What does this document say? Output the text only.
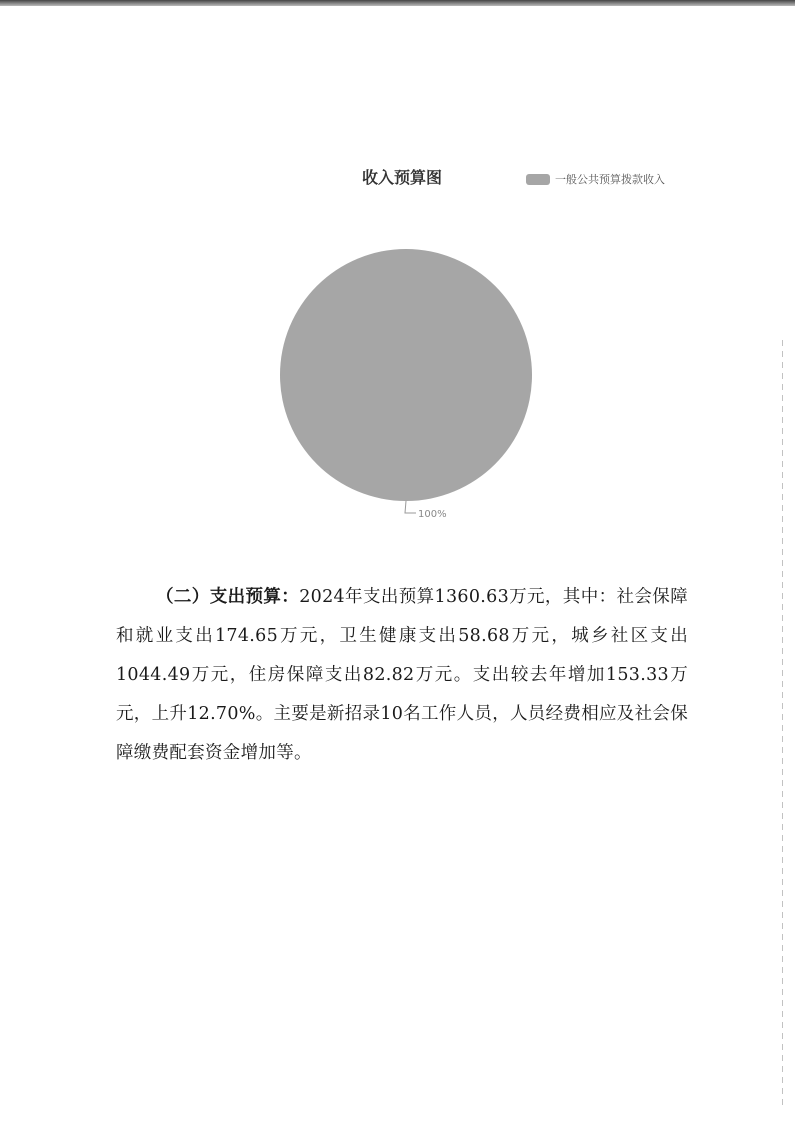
收入预算图	一般公共预算拨款收入
100%
（二）支出预算：2024年支出预算1360.63万元，其中：社会保障和就业支出174.65万元，卫生健康支出58.68万元，城乡社区支出1044.49万元，住房保障支出82.82万元。支出较去年增加153.33万元，上升12.70%。主要是新招录10名工作人员，人员经费相应及社会保障缴费配套资金增加等。
